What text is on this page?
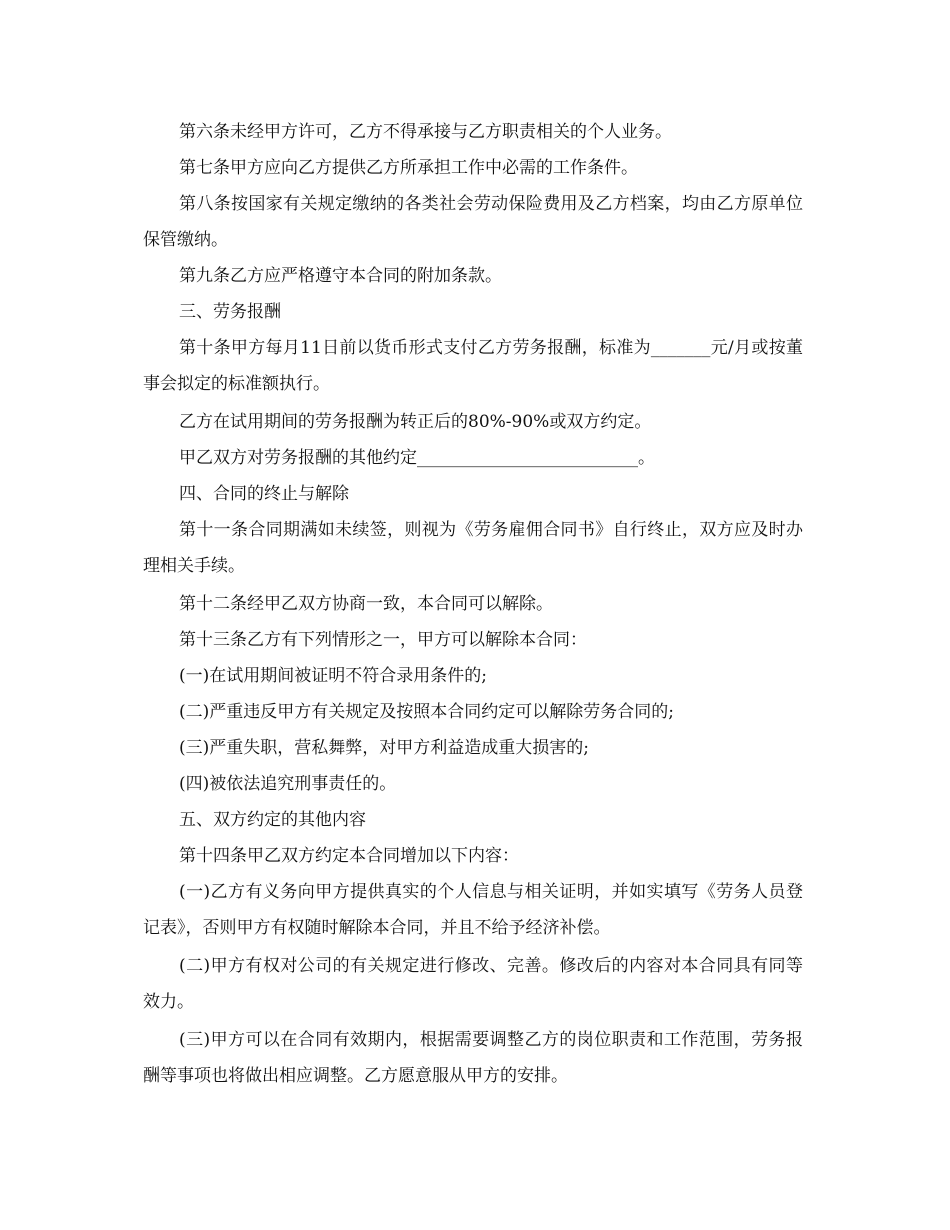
第六条未经甲方许可，乙方不得承接与乙方职责相关的个人业务。

第七条甲方应向乙方提供乙方所承担工作中必需的工作条件。

第八条按国家有关规定缴纳的各类社会劳动保险费用及乙方档案，均由乙方原单位保管缴纳。

第九条乙方应严格遵守本合同的附加条款。

三、劳务报酬

第十条甲方每月11日前以货币形式支付乙方劳务报酬，标准为_______元/月或按董事会拟定的标准额执行。

乙方在试用期间的劳务报酬为转正后的80%-90%或双方约定。

甲乙双方对劳务报酬的其他约定__________________________。

四、合同的终止与解除

第十一条合同期满如未续签，则视为《劳务雇佣合同书》自行终止，双方应及时办理相关手续。

第十二条经甲乙双方协商一致，本合同可以解除。

第十三条乙方有下列情形之一，甲方可以解除本合同：

(一)在试用期间被证明不符合录用条件的;

(二)严重违反甲方有关规定及按照本合同约定可以解除劳务合同的;

(三)严重失职，营私舞弊，对甲方利益造成重大损害的;

(四)被依法追究刑事责任的。

五、双方约定的其他内容

第十四条甲乙双方约定本合同增加以下内容：

(一)乙方有义务向甲方提供真实的个人信息与相关证明，并如实填写《劳务人员登记表》，否则甲方有权随时解除本合同，并且不给予经济补偿。

(二)甲方有权对公司的有关规定进行修改、完善。修改后的内容对本合同具有同等效力。

(三)甲方可以在合同有效期内，根据需要调整乙方的岗位职责和工作范围，劳务报酬等事项也将做出相应调整。乙方愿意服从甲方的安排。
